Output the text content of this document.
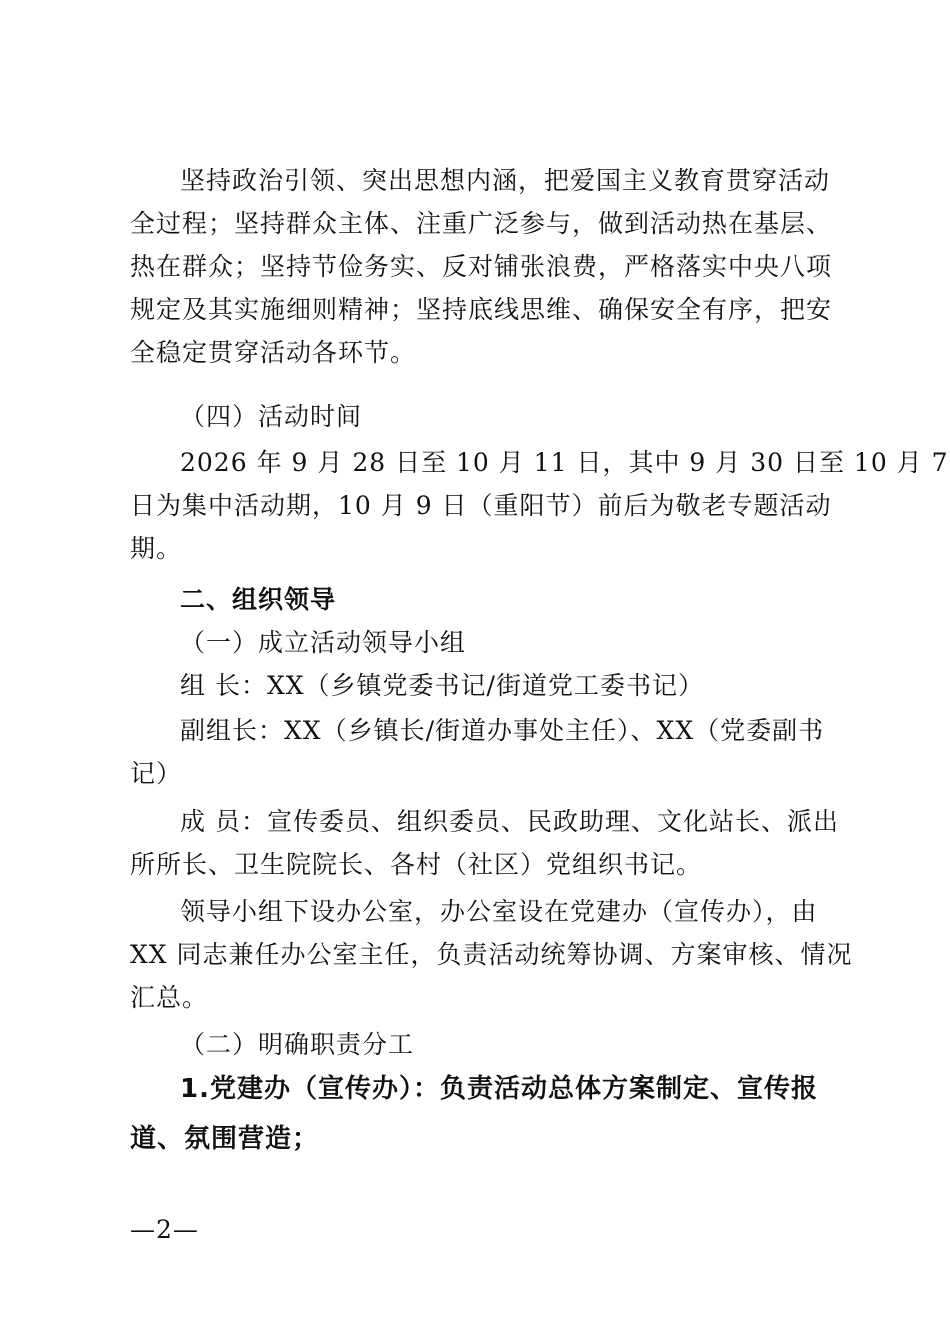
坚持政治引领、突出思想内涵，把爱国主义教育贯穿活动
全过程；坚持群众主体、注重广泛参与，做到活动热在基层、
热在群众；坚持节俭务实、反对铺张浪费，严格落实中央八项
规定及其实施细则精神；坚持底线思维、确保安全有序，把安
全稳定贯穿活动各环节。
（四）活动时间
2026 年 9 月 28 日至 10 月 11 日，其中 9 月 30 日至 10 月 7
日为集中活动期，10 月 9 日（重阳节）前后为敬老专题活动
期。
二、组织领导
（一）成立活动领导小组
组 长：XX（乡镇党委书记/街道党工委书记）
副组长：XX（乡镇长/街道办事处主任）、XX（党委副书
记）
成 员：宣传委员、组织委员、民政助理、文化站长、派出
所所长、卫生院院长、各村（社区）党组织书记。
领导小组下设办公室，办公室设在党建办（宣传办），由
XX 同志兼任办公室主任，负责活动统筹协调、方案审核、情况
汇总。
（二）明确职责分工
1.党建办（宣传办）：负责活动总体方案制定、宣传报
道、氛围营造；
—2—
